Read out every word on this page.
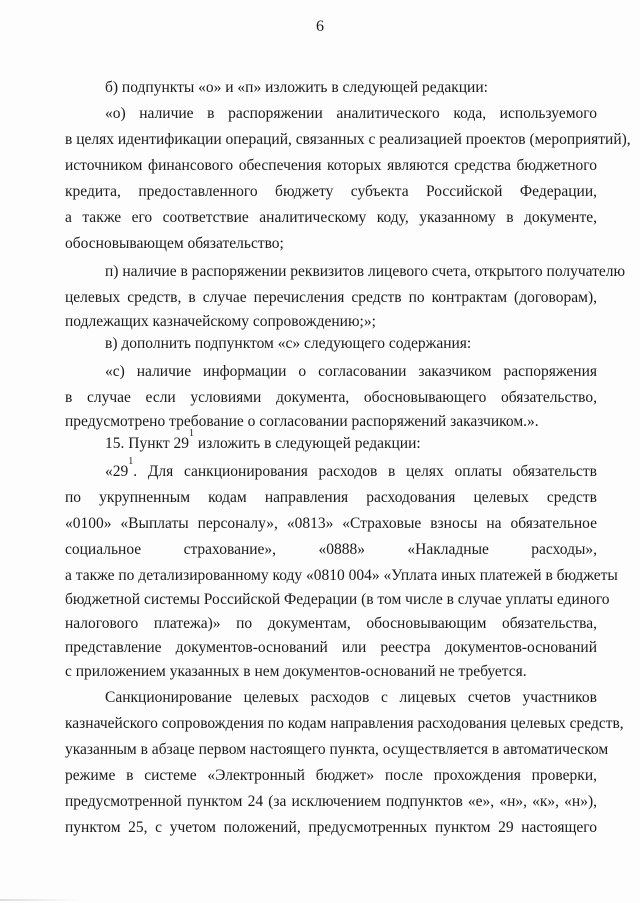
6
б) подпункты «о» и «п» изложить в следующей редакции:
«о) наличие в распоряжении аналитического кода, используемого
в целях идентификации операций, связанных с реализацией проектов (мероприятий),
источником финансового обеспечения которых являются средства бюджетного
кредита, предоставленного бюджету субъекта Российской Федерации,
а также его соответствие аналитическому коду, указанному в документе,
обосновывающем обязательство;
п) наличие в распоряжении реквизитов лицевого счета, открытого получателю
целевых средств, в случае перечисления средств по контрактам (договорам),
подлежащих казначейскому сопровождению;»;
в) дополнить подпунктом «с» следующего содержания:
«с) наличие информации о согласовании заказчиком распоряжения
в случае если условиями документа, обосновывающего обязательство,
предусмотрено требование о согласовании распоряжений заказчиком.».
15. Пункт $29^1$ изложить в следующей редакции:
«$29^1$. Для санкционирования расходов в целях оплаты обязательств
по укрупненным кодам направления расходования целевых средств
«0100» «Выплаты персоналу», «0813» «Страховые взносы на обязательное
социальное страхование», «0888» «Накладные расходы»,
а также по детализированному коду «0810 004» «Уплата иных платежей в бюджеты
бюджетной системы Российской Федерации (в том числе в случае уплаты единого
налогового платежа)» по документам, обосновывающим обязательства,
представление документов-оснований или реестра документов-оснований
с приложением указанных в нем документов-оснований не требуется.
Санкционирование целевых расходов с лицевых счетов участников
казначейского сопровождения по кодам направления расходования целевых средств,
указанным в абзаце первом настоящего пункта, осуществляется в автоматическом
режиме в системе «Электронный бюджет» после прохождения проверки,
предусмотренной пунктом 24 (за исключением подпунктов «е», «н», «к», «н»),
пунктом 25, с учетом положений, предусмотренных пунктом 29 настоящего
